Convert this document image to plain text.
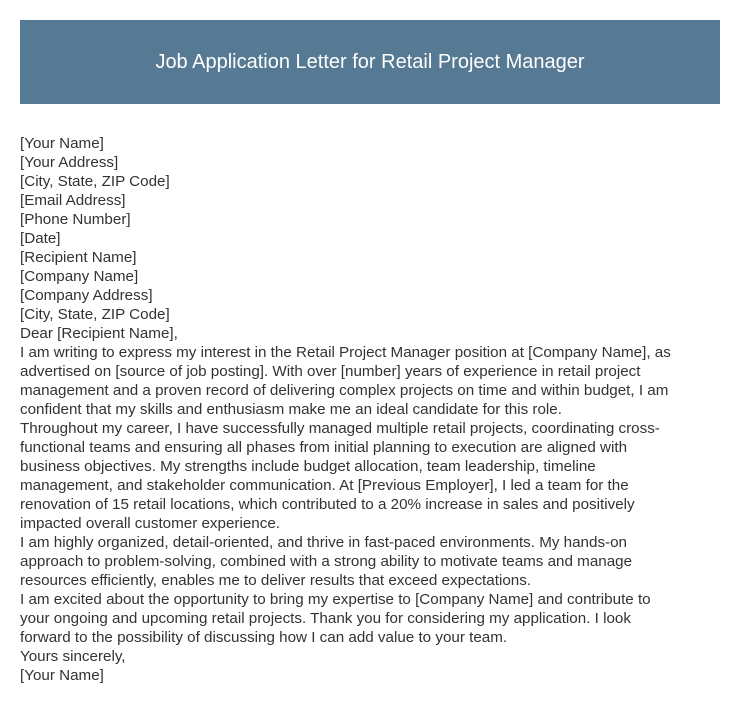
Job Application Letter for Retail Project Manager
[Your Name]
[Your Address]
[City, State, ZIP Code]
[Email Address]
[Phone Number]
[Date]
[Recipient Name]
[Company Name]
[Company Address]
[City, State, ZIP Code]
Dear [Recipient Name],
I am writing to express my interest in the Retail Project Manager position at [Company Name], as
advertised on [source of job posting]. With over [number] years of experience in retail project
management and a proven record of delivering complex projects on time and within budget, I am
confident that my skills and enthusiasm make me an ideal candidate for this role.
Throughout my career, I have successfully managed multiple retail projects, coordinating cross-
functional teams and ensuring all phases from initial planning to execution are aligned with
business objectives. My strengths include budget allocation, team leadership, timeline
management, and stakeholder communication. At [Previous Employer], I led a team for the
renovation of 15 retail locations, which contributed to a 20% increase in sales and positively
impacted overall customer experience.
I am highly organized, detail-oriented, and thrive in fast-paced environments. My hands-on
approach to problem-solving, combined with a strong ability to motivate teams and manage
resources efficiently, enables me to deliver results that exceed expectations.
I am excited about the opportunity to bring my expertise to [Company Name] and contribute to
your ongoing and upcoming retail projects. Thank you for considering my application. I look
forward to the possibility of discussing how I can add value to your team.
Yours sincerely,
[Your Name]
